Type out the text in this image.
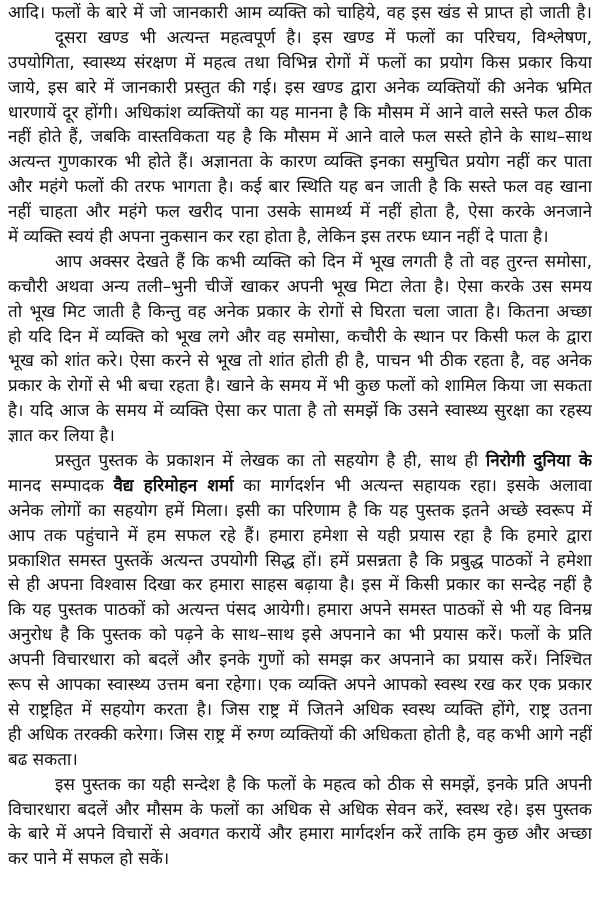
आदि। फलों के बारे में जो जानकारी आम व्यक्ति को चाहिये, वह इस खंड से प्राप्त हो जाती है।
दूसरा खण्ड भी अत्यन्त महत्वपूर्ण है। इस खण्ड में फलों का परिचय, विश्लेषण,
उपयोगिता, स्वास्थ्य संरक्षण में महत्व तथा विभिन्न रोगों में फलों का प्रयोग किस प्रकार किया
जाये, इस बारे में जानकारी प्रस्तुत की गई। इस खण्ड द्वारा अनेक व्यक्तियों की अनेक भ्रमित
धारणायें दूर होंगी। अधिकांश व्यक्तियों का यह मानना है कि मौसम में आने वाले सस्ते फल ठीक
नहीं होते हैं, जबकि वास्तविकता यह है कि मौसम में आने वाले फल सस्ते होने के साथ–साथ
अत्यन्त गुणकारक भी होते हैं। अज्ञानता के कारण व्यक्ति इनका समुचित प्रयोग नहीं कर पाता
और महंगे फलों की तरफ भागता है। कई बार स्थिति यह बन जाती है कि सस्ते फल वह खाना
नहीं चाहता और महंगे फल खरीद पाना उसके सामर्थ्य में नहीं होता है, ऐसा करके अनजाने
में व्यक्ति स्वयं ही अपना नुकसान कर रहा होता है, लेकिन इस तरफ ध्यान नहीं दे पाता है।
आप अक्सर देखते हैं कि कभी व्यक्ति को दिन में भूख लगती है तो वह तुरन्त समोसा,
कचौरी अथवा अन्य तली–भुनी चीजें खाकर अपनी भूख मिटा लेता है। ऐसा करके उस समय
तो भूख मिट जाती है किन्तु वह अनेक प्रकार के रोगों से घिरता चला जाता है। कितना अच्छा
हो यदि दिन में व्यक्ति को भूख लगे और वह समोसा, कचौरी के स्थान पर किसी फल के द्वारा
भूख को शांत करे। ऐसा करने से भूख तो शांत होती ही है, पाचन भी ठीक रहता है, वह अनेक
प्रकार के रोगों से भी बचा रहता है। खाने के समय में भी कुछ फलों को शामिल किया जा सकता
है। यदि आज के समय में व्यक्ति ऐसा कर पाता है तो समझें कि उसने स्वास्थ्य सुरक्षा का रहस्य
ज्ञात कर लिया है।
प्रस्तुत पुस्तक के प्रकाशन में लेखक का तो सहयोग है ही, साथ ही निरोगी दुनिया के
मानद सम्पादक वैद्य हरिमोहन शर्मा का मार्गदर्शन भी अत्यन्त सहायक रहा। इसके अलावा
अनेक लोगों का सहयोग हमें मिला। इसी का परिणाम है कि यह पुस्तक इतने अच्छे स्वरूप में
आप तक पहुंचाने में हम सफल रहे हैं। हमारा हमेशा से यही प्रयास रहा है कि हमारे द्वारा
प्रकाशित समस्त पुस्तकें अत्यन्त उपयोगी सिद्ध हों। हमें प्रसन्नता है कि प्रबुद्ध पाठकों ने हमेशा
से ही अपना विश्वास दिखा कर हमारा साहस बढ़ाया है। इस में किसी प्रकार का सन्देह नहीं है
कि यह पुस्तक पाठकों को अत्यन्त पंसद आयेगी। हमारा अपने समस्त पाठकों से भी यह विनम्र
अनुरोध है कि पुस्तक को पढ़ने के साथ–साथ इसे अपनाने का भी प्रयास करें। फलों के प्रति
अपनी विचारधारा को बदलें और इनके गुणों को समझ कर अपनाने का प्रयास करें। निश्चित
रूप से आपका स्वास्थ्य उत्तम बना रहेगा। एक व्यक्ति अपने आपको स्वस्थ रख कर एक प्रकार
से राष्ट्रहित में सहयोग करता है। जिस राष्ट्र में जितने अधिक स्वस्थ व्यक्ति होंगे, राष्ट्र उतना
ही अधिक तरक्की करेगा। जिस राष्ट्र में रुग्ण व्यक्तियों की अधिकता होती है, वह कभी आगे नहीं
बढ सकता।
इस पुस्तक का यही सन्देश है कि फलों के महत्व को ठीक से समझें, इनके प्रति अपनी
विचारधारा बदलें और मौसम के फलों का अधिक से अधिक सेवन करें, स्वस्थ रहे। इस पुस्तक
के बारे में अपने विचारों से अवगत करायें और हमारा मार्गदर्शन करें ताकि हम कुछ और अच्छा
कर पाने में सफल हो सकें।
